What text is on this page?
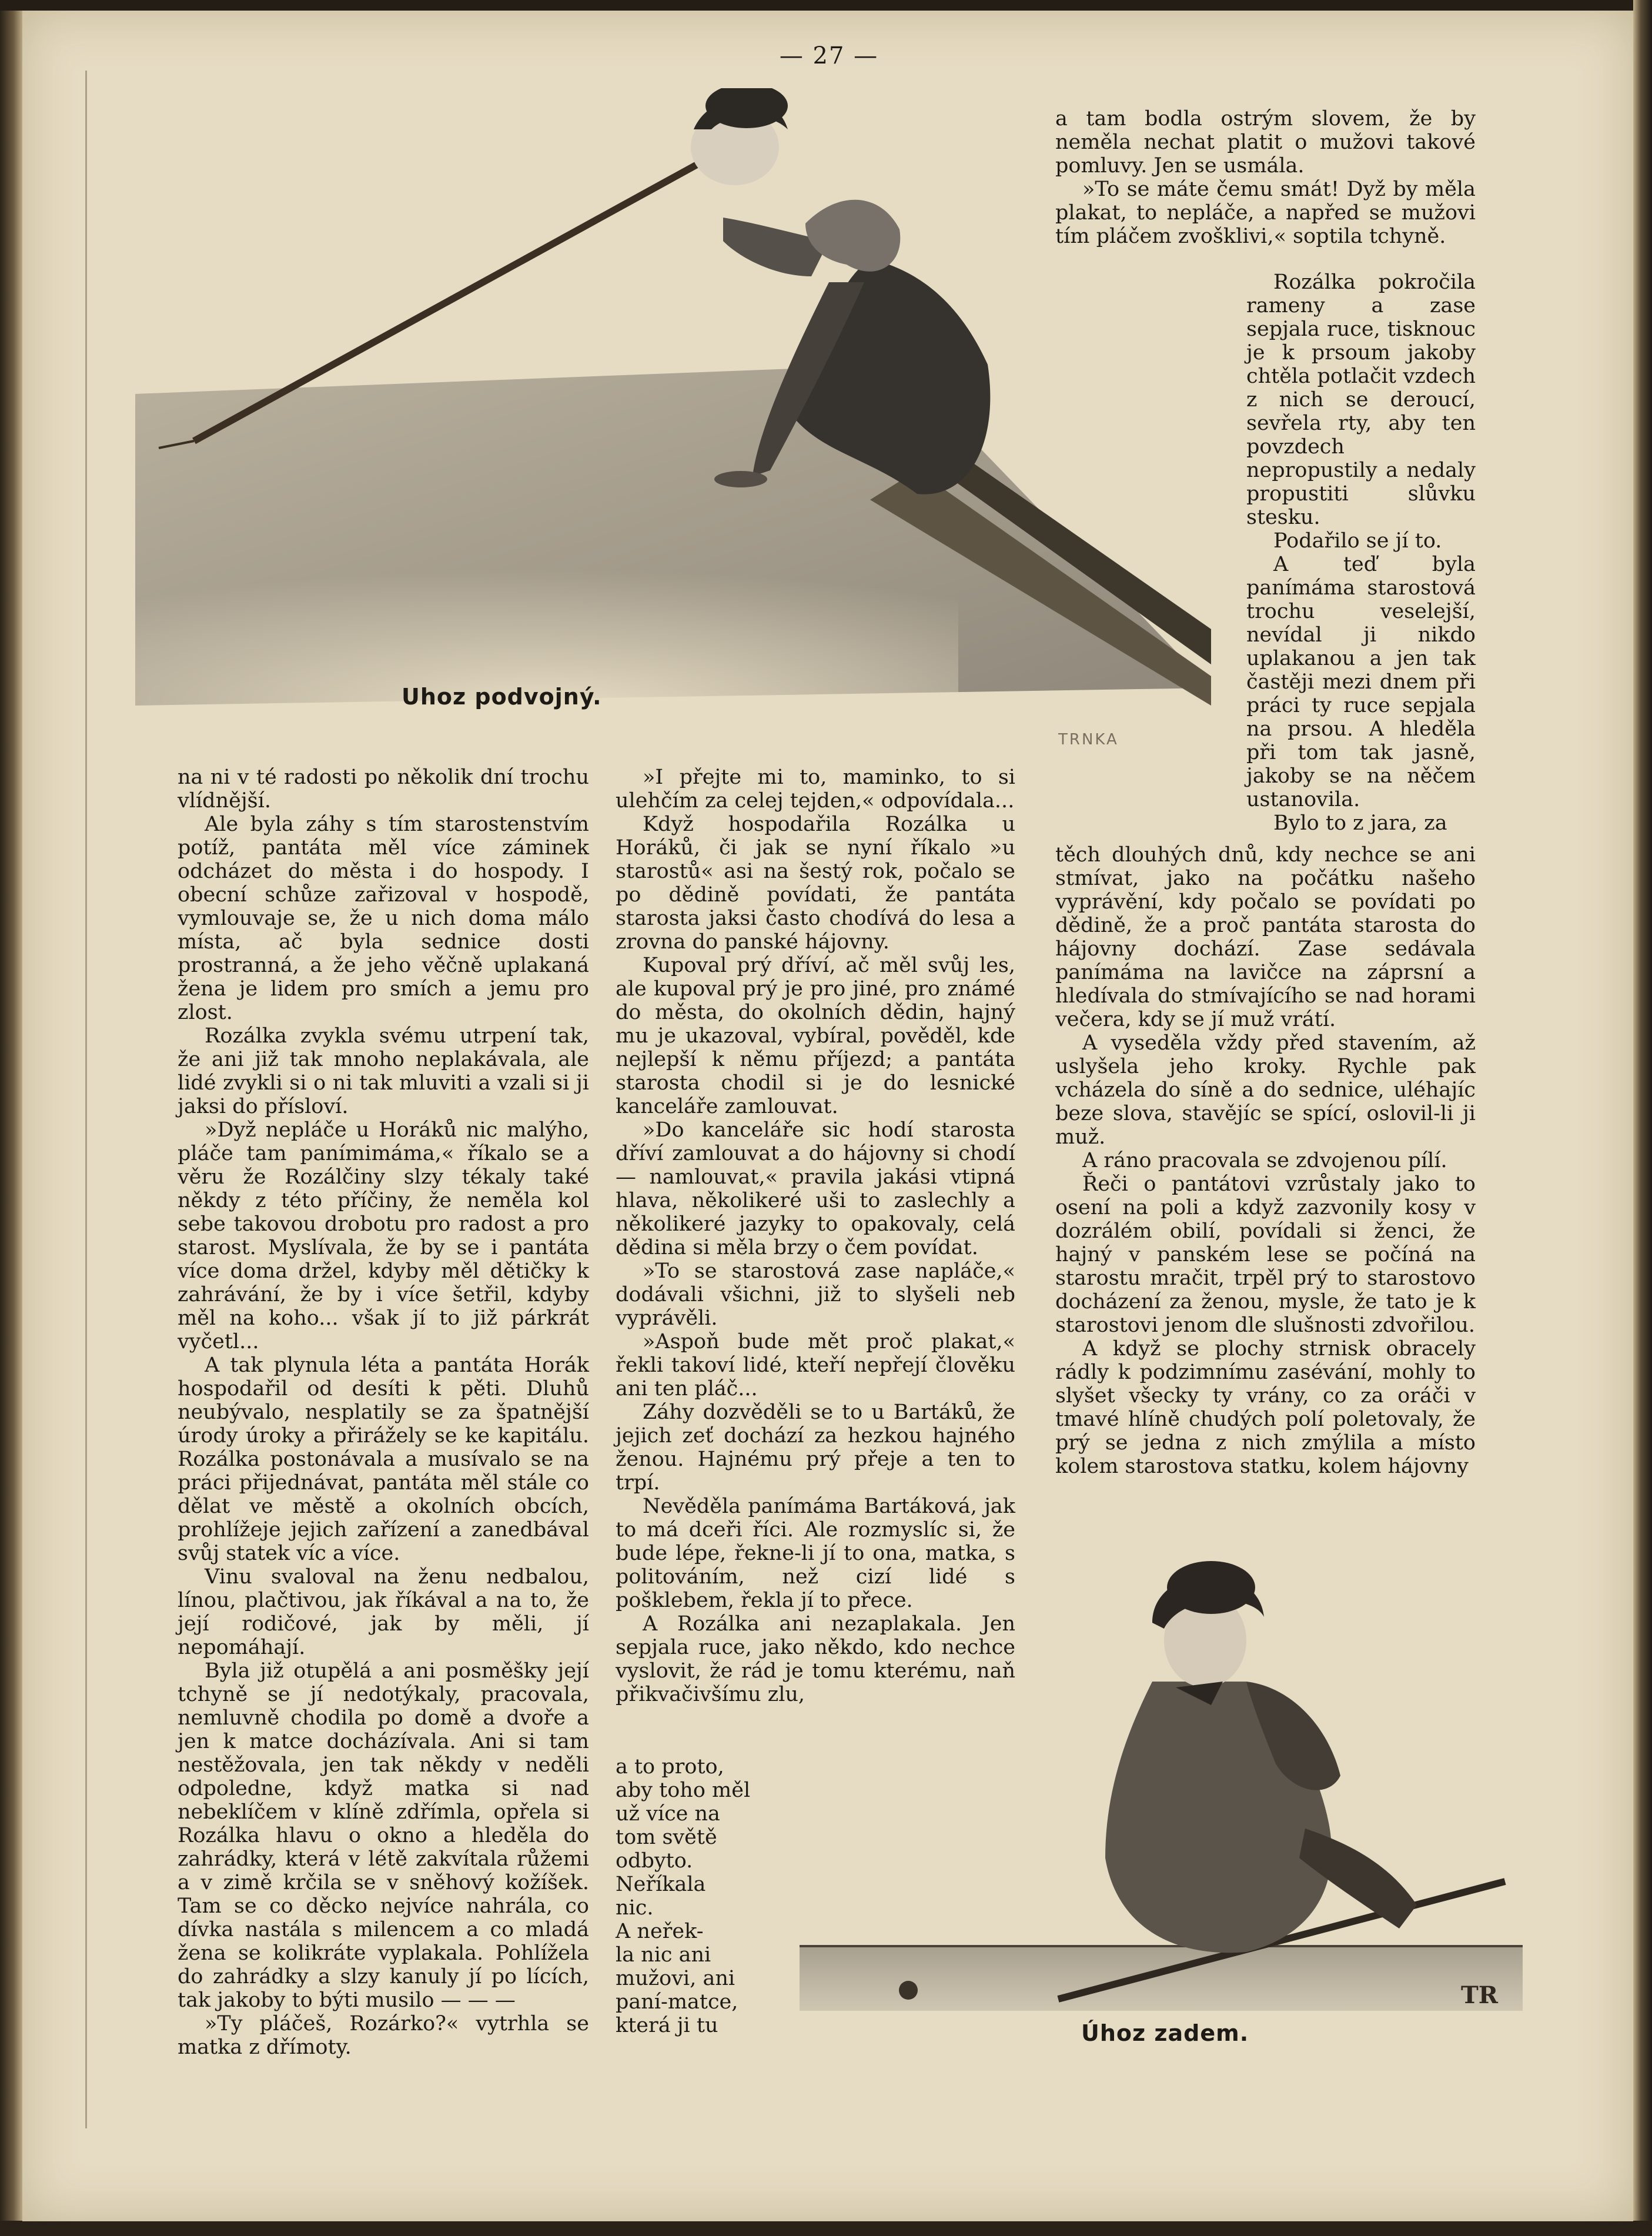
— 27 —
Uhoz podvojný.
TRNKA

na ni v té radosti po několik dní trochu vlídnější.

Ale byla záhy s tím starostenstvím potíž, pantáta měl více záminek odcházet do města i do hospody. I obecní schůze zařizoval v hospodě, vymlouvaje se, že u nich doma málo místa, ač byla sednice dosti prostranná, a že jeho věčně uplakaná žena je lidem pro smích a jemu pro zlost.

Rozálka zvykla svému utrpení tak, že ani již tak mnoho neplakávala, ale lidé zvykli si o ni tak mluviti a vzali si ji jaksi do přísloví.

»Dyž nepláče u Horáků nic malýho, pláče tam panímimáma,« říkalo se a věru že Rozálčiny slzy tékaly také někdy z této příčiny, že neměla kol sebe takovou drobotu pro radost a pro starost. Myslívala, že by se i pantáta více doma držel, kdyby měl dětičky k zahrávání, že by i více šetřil, kdyby měl na koho... však jí to již párkrát vyčetl...

A tak plynula léta a pantáta Horák hospodařil od desíti k pěti. Dluhů neubývalo, nesplatily se za špatnější úrody úroky a přirážely se ke kapitálu. Rozálka postonávala a musívalo se na práci přijednávat, pantáta měl stále co dělat ve městě a okolních obcích, prohlížeje jejich zařízení a zanedbával svůj statek víc a více.

Vinu svaloval na ženu nedbalou, línou, plačtivou, jak říkával a na to, že její rodičové, jak by měli, jí nepomáhají.

Byla již otupělá a ani posměšky její tchyně se jí nedotýkaly, pracovala, nemluvně chodila po domě a dvoře a jen k matce docházívala. Ani si tam nestěžovala, jen tak někdy v neděli odpoledne, když matka si nad nebeklíčem v klíně zdřímla, opřela si Rozálka hlavu o okno a hleděla do zahrádky, která v létě zakvítala růžemi a v zimě krčila se v sněhový kožíšek. Tam se co děcko nejvíce nahrála, co dívka nastála s milencem a co mladá žena se kolikráte vyplakala. Pohlížela do zahrádky a slzy kanuly jí po lících, tak jakoby to býti musilo — — —

»Ty pláčeš, Rozárko?« vytrhla se matka z dřímoty.

»I přejte mi to, maminko, to si ulehčím za celej tejden,« odpovídala...

Když hospodařila Rozálka u Horáků, či jak se nyní říkalo »u starostů« asi na šestý rok, počalo se po dědině povídati, že pantáta starosta jaksi často chodívá do lesa a zrovna do panské hájovny.

Kupoval prý dříví, ač měl svůj les, ale kupoval prý je pro jiné, pro známé do města, do okolních dědin, hajný mu je ukazoval, vybíral, pověděl, kde nejlepší k němu příjezd; a pantáta starosta chodil si je do lesnické kanceláře zamlouvat.

»Do kanceláře sic hodí starosta dříví zamlouvat a do hájovny si chodí — namlouvat,« pravila jakási vtipná hlava, několikeré uši to zaslechly a několikeré jazyky to opakovaly, celá dědina si měla brzy o čem povídat.

»To se starostová zase napláče,« dodávali všichni, již to slyšeli neb vyprávěli.

»Aspoň bude mět proč plakat,« řekli takoví lidé, kteří nepřejí člověku ani ten pláč...

Záhy dozvěděli se to u Bartáků, že jejich zeť dochází za hezkou hajného ženou. Hajnému prý přeje a ten to trpí.

Nevěděla panímáma Bartáková, jak to má dceři říci. Ale rozmyslíc si, že bude lépe, řekne-li jí to ona, matka, s politováním, než cizí lidé s pošklebem, řekla jí to přece.

A Rozálka ani nezaplakala. Jen sepjala ruce, jako někdo, kdo nechce vyslovit, že rád je tomu kterému, naň přikvačivšímu zlu,

a to proto,

aby toho měl

už více na

tom světě

odbyto.

Neříkala

nic.

A neřek-

la nic ani

mužovi, ani

paní-matce,

která ji tu

a tam bodla ostrým slovem, že by neměla nechat platit o mužovi takové pomluvy. Jen se usmála.

»To se máte čemu smát! Dyž by měla plakat, to nepláče, a napřed se mužovi tím pláčem zvošklivi,« soptila tchyně.

Rozálka pokročila rameny a zase sepjala ruce, tisknouc je k prsoum jakoby chtěla potlačit vzdech z nich se deroucí, sevřela rty, aby ten povzdech nepropustily a nedaly propustiti slůvku stesku.

Podařilo se jí to.

A teď byla panímáma starostová trochu veselejší, nevídal ji nikdo uplakanou a jen tak častěji mezi dnem při práci ty ruce sepjala na prsou. A hleděla při tom tak jasně, jakoby se na něčem ustanovila.

Bylo to z jara, za

těch dlouhých dnů, kdy nechce se ani stmívat, jako na počátku našeho vyprávění, kdy počalo se povídati po dědině, že a proč pantáta starosta do hájovny dochází. Zase sedávala panímáma na lavičce na záprsní a hledívala do stmívajícího se nad horami večera, kdy se jí muž vrátí.

A vyseděla vždy před stavením, až uslyšela jeho kroky. Rychle pak vcházela do síně a do sednice, uléhajíc beze slova, stavějíc se spící, oslovil-li ji muž.

A ráno pracovala se zdvojenou pílí.

Řeči o pantátovi vzrůstaly jako to osení na poli a když zazvonily kosy v dozrálém obilí, povídali si ženci, že hajný v panském lese se počíná na starostu mračit, trpěl prý to starostovo docházení za ženou, mysle, že tato je k starostovi jenom dle slušnosti zdvořilou.

A když se plochy strnisk obracely rádly k podzimnímu zasévání, mohly to slyšet všecky ty vrány, co za oráči v tmavé hlíně chudých polí poletovaly, že prý se jedna z nich zmýlila a místo kolem starostova statku, kolem hájovny

Úhoz zadem.
TR
